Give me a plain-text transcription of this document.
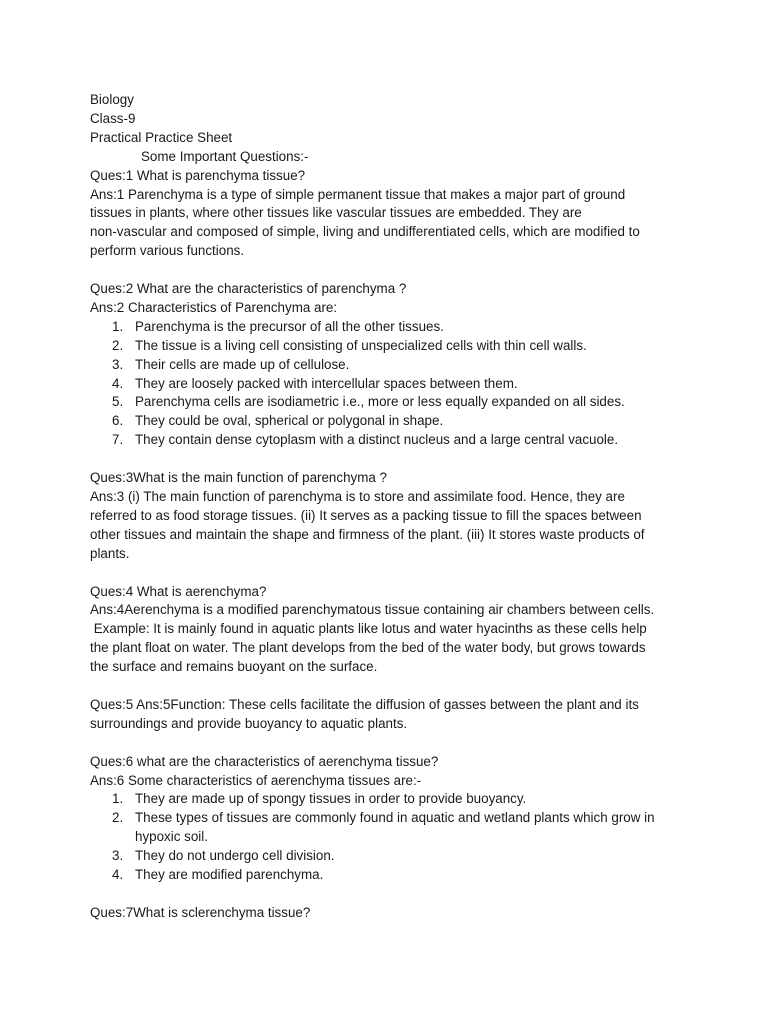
Biology
Class-9
Practical Practice Sheet
Some Important Questions:-
Ques:1 What is parenchyma tissue?
Ans:1 Parenchyma is a type of simple permanent tissue that makes a major part of ground
tissues in plants, where other tissues like vascular tissues are embedded. They are
non-vascular and composed of simple, living and undifferentiated cells, which are modified to
perform various functions.
Ques:2 What are the characteristics of parenchyma ?
Ans:2 Characteristics of Parenchyma are:
1. Parenchyma is the precursor of all the other tissues.
2. The tissue is a living cell consisting of unspecialized cells with thin cell walls.
3. Their cells are made up of cellulose.
4. They are loosely packed with intercellular spaces between them.
5. Parenchyma cells are isodiametric i.e., more or less equally expanded on all sides.
6. They could be oval, spherical or polygonal in shape.
7. They contain dense cytoplasm with a distinct nucleus and a large central vacuole.
Ques:3What is the main function of parenchyma ?
Ans:3 (i) The main function of parenchyma is to store and assimilate food. Hence, they are
referred to as food storage tissues. (ii) It serves as a packing tissue to fill the spaces between
other tissues and maintain the shape and firmness of the plant. (iii) It stores waste products of
plants.
Ques:4 What is aerenchyma?
Ans:4Aerenchyma is a modified parenchymatous tissue containing air chambers between cells.
Example: It is mainly found in aquatic plants like lotus and water hyacinths as these cells help
the plant float on water. The plant develops from the bed of the water body, but grows towards
the surface and remains buoyant on the surface.
Ques:5 Ans:5Function: These cells facilitate the diffusion of gasses between the plant and its
surroundings and provide buoyancy to aquatic plants.
Ques:6 what are the characteristics of aerenchyma tissue?
Ans:6 Some characteristics of aerenchyma tissues are:-
1. They are made up of spongy tissues in order to provide buoyancy.
2. These types of tissues are commonly found in aquatic and wetland plants which grow in
hypoxic soil.
3. They do not undergo cell division.
4. They are modified parenchyma.
Ques:7What is sclerenchyma tissue?
